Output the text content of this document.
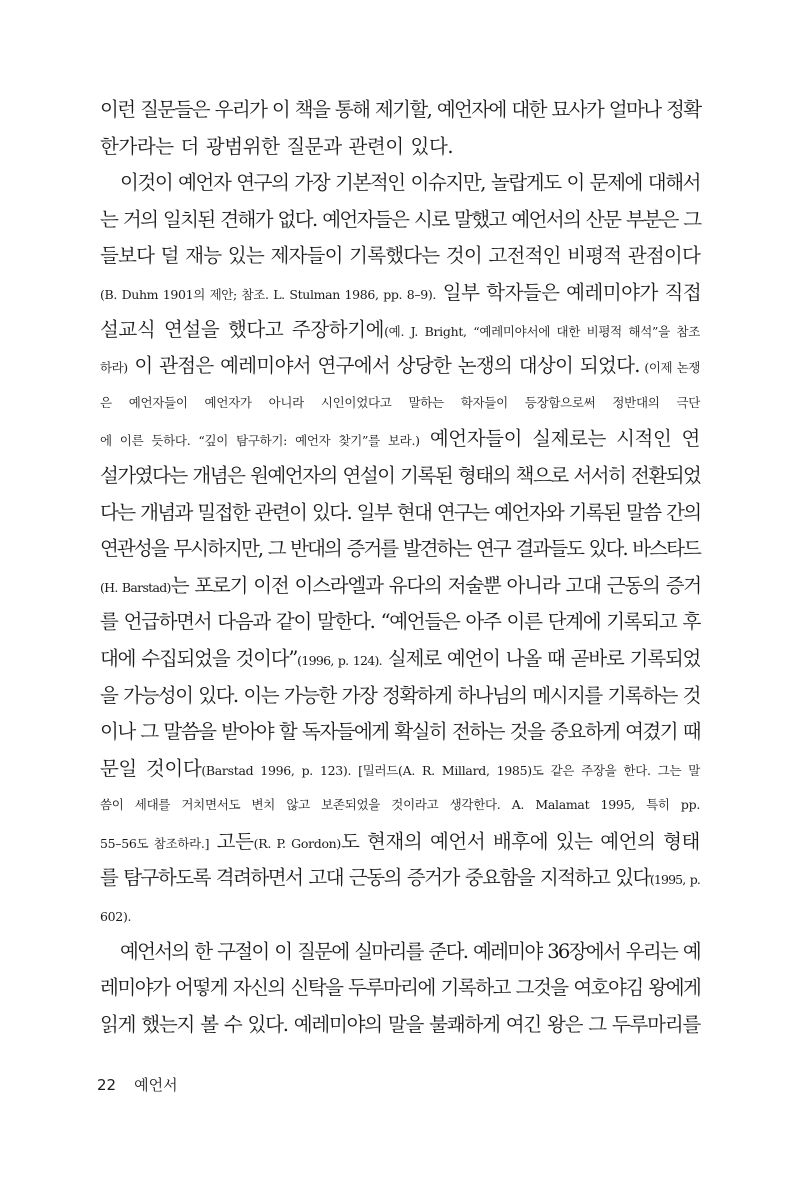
이런 질문들은 우리가 이 책을 통해 제기할, 예언자에 대한 묘사가 얼마나 정확
한가라는 더 광범위한 질문과 관련이 있다.
이것이 예언자 연구의 가장 기본적인 이슈지만, 놀랍게도 이 문제에 대해서
는 거의 일치된 견해가 없다. 예언자들은 시로 말했고 예언서의 산문 부분은 그
들보다 덜 재능 있는 제자들이 기록했다는 것이 고전적인 비평적 관점이다
(B. Duhm 1901의 제안; 참조. L. Stulman 1986, pp. 8–9). 일부 학자들은 예레미야가 직접
설교식 연설을 했다고 주장하기에(예. J. Bright, “예레미야서에 대한 비평적 해석”을 참조
하라) 이 관점은 예레미야서 연구에서 상당한 논쟁의 대상이 되었다. (이제 논쟁
은 예언자들이 예언자가 아니라 시인이었다고 말하는 학자들이 등장함으로써 정반대의 극단
에 이른 듯하다. “깊이 탐구하기: 예언자 찾기”를 보라.) 예언자들이 실제로는 시적인 연
설가였다는 개념은 원예언자의 연설이 기록된 형태의 책으로 서서히 전환되었
다는 개념과 밀접한 관련이 있다. 일부 현대 연구는 예언자와 기록된 말씀 간의
연관성을 무시하지만, 그 반대의 증거를 발견하는 연구 결과들도 있다. 바스타드
(H. Barstad)는 포로기 이전 이스라엘과 유다의 저술뿐 아니라 고대 근동의 증거
를 언급하면서 다음과 같이 말한다. “예언들은 아주 이른 단계에 기록되고 후
대에 수집되었을 것이다”(1996, p. 124). 실제로 예언이 나올 때 곧바로 기록되었
을 가능성이 있다. 이는 가능한 가장 정확하게 하나님의 메시지를 기록하는 것
이나 그 말씀을 받아야 할 독자들에게 확실히 전하는 것을 중요하게 여겼기 때
문일 것이다(Barstad 1996, p. 123). [밀러드(A. R. Millard, 1985)도 같은 주장을 한다. 그는 말
씀이 세대를 거치면서도 변치 않고 보존되었을 것이라고 생각한다. A. Malamat 1995, 특히 pp.
55–56도 참조하라.] 고든(R. P. Gordon)도 현재의 예언서 배후에 있는 예언의 형태
를 탐구하도록 격려하면서 고대 근동의 증거가 중요함을 지적하고 있다(1995, p.
602).
예언서의 한 구절이 이 질문에 실마리를 준다. 예레미야 36장에서 우리는 예
레미야가 어떻게 자신의 신탁을 두루마리에 기록하고 그것을 여호야김 왕에게
읽게 했는지 볼 수 있다. 예레미야의 말을 불쾌하게 여긴 왕은 그 두루마리를
22 예언서
